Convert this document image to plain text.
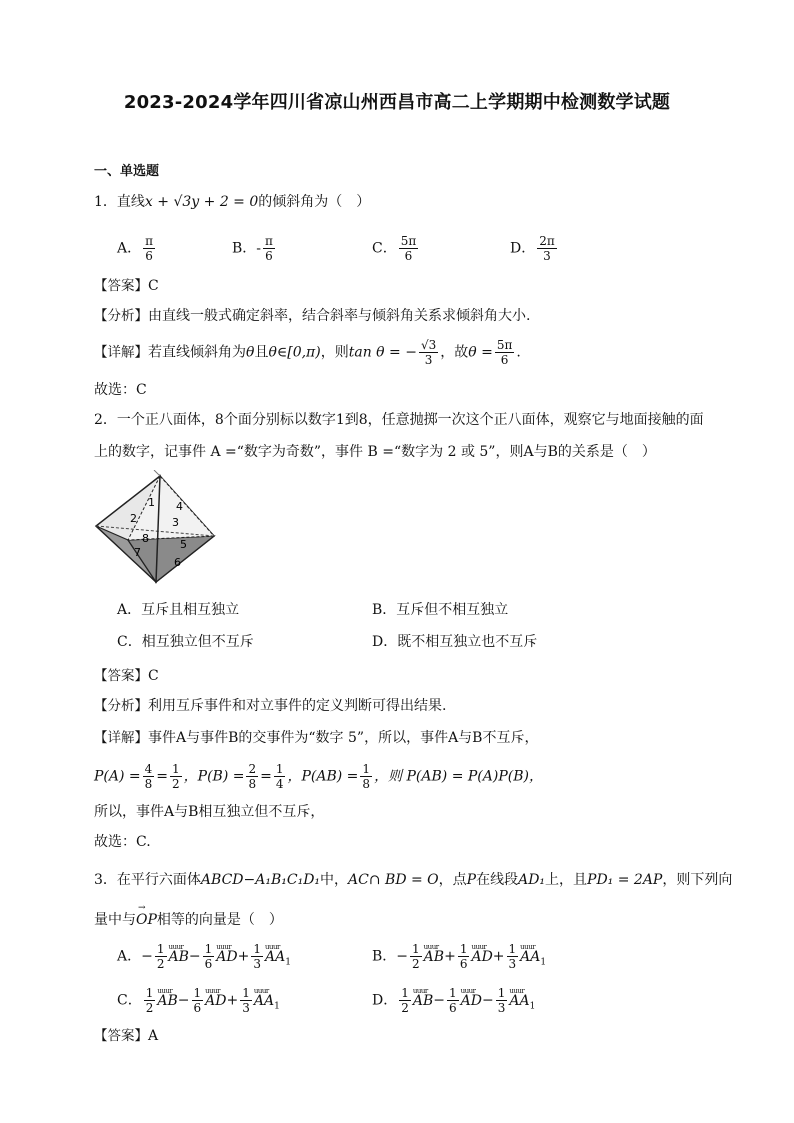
2023-2024学年四川省凉山州西昌市高二上学期期中检测数学试题
一、单选题
1．直线x + √3y + 2 = 0的倾斜角为（　）
A． $\frac{\pi}{6}$	B．- $\frac{\pi}{6}$	C． $\frac{5\pi}{6}$	D． $\frac{2\pi}{3}$
【答案】C
【分析】由直线一般式确定斜率，结合斜率与倾斜角关系求倾斜角大小.
【详解】若直线倾斜角为θ且θ∈[0,π)，则tan θ = − $\frac{√3}{3}$ ，故$\theta = \frac{5\pi}{6}$ .
故选：C
2．一个正八面体，8个面分别标以数字1到8，任意抛掷一次这个正八面体，观察它与地面接触的面
上的数字，记事件 A =“数字为奇数”，事件 B =“数字为 2 或 5”，则A与B的关系是（　）
1
2	3
4
5
6
7
8
A．互斥且相互独立	B．互斥但不相互独立
C．相互独立但不互斥	D．既不相互独立也不互斥
【答案】C
【分析】利用互斥事件和对立事件的定义判断可得出结果.
【详解】事件A与事件B的交事件为“数字 5”，所以，事件A与B不互斥，
$P(A) = \frac{4}{8} = \frac{1}{2}$ ，$P(B) = \frac{2}{8} = \frac{1}{4}$ ，$P(AB) = \frac{1}{8}$ ，则 P(AB) = P(A)P(B)，
所以，事件A与B相互独立但不互斥，
故选：C.
3．在平行六面体ABCD−A₁B₁C₁D₁中，AC∩ BD = O，点P在线段AD₁上，且PD₁ = 2AP，则下列向
量中与→ OP相等的向量是（　）
A．− $\frac{1}{2}$ uuur $AB- \frac{1}{6}$ uuur $AD+ \frac{1}{3}$ uuur $AA_1$	B．− $\frac{1}{2}$ uuur $AB+ \frac{1}{6}$ uuur $AD+ \frac{1}{3}$ uuur $AA_1$
C． $\frac{1}{2}$ uuur $AB- \frac{1}{6}$ uuur $AD+ \frac{1}{3}$ uuur $AA_1$	D． $\frac{1}{2}$ uuur $AB- \frac{1}{6}$ uuur $AD- \frac{1}{3}$ uuur $AA_1$
【答案】A
